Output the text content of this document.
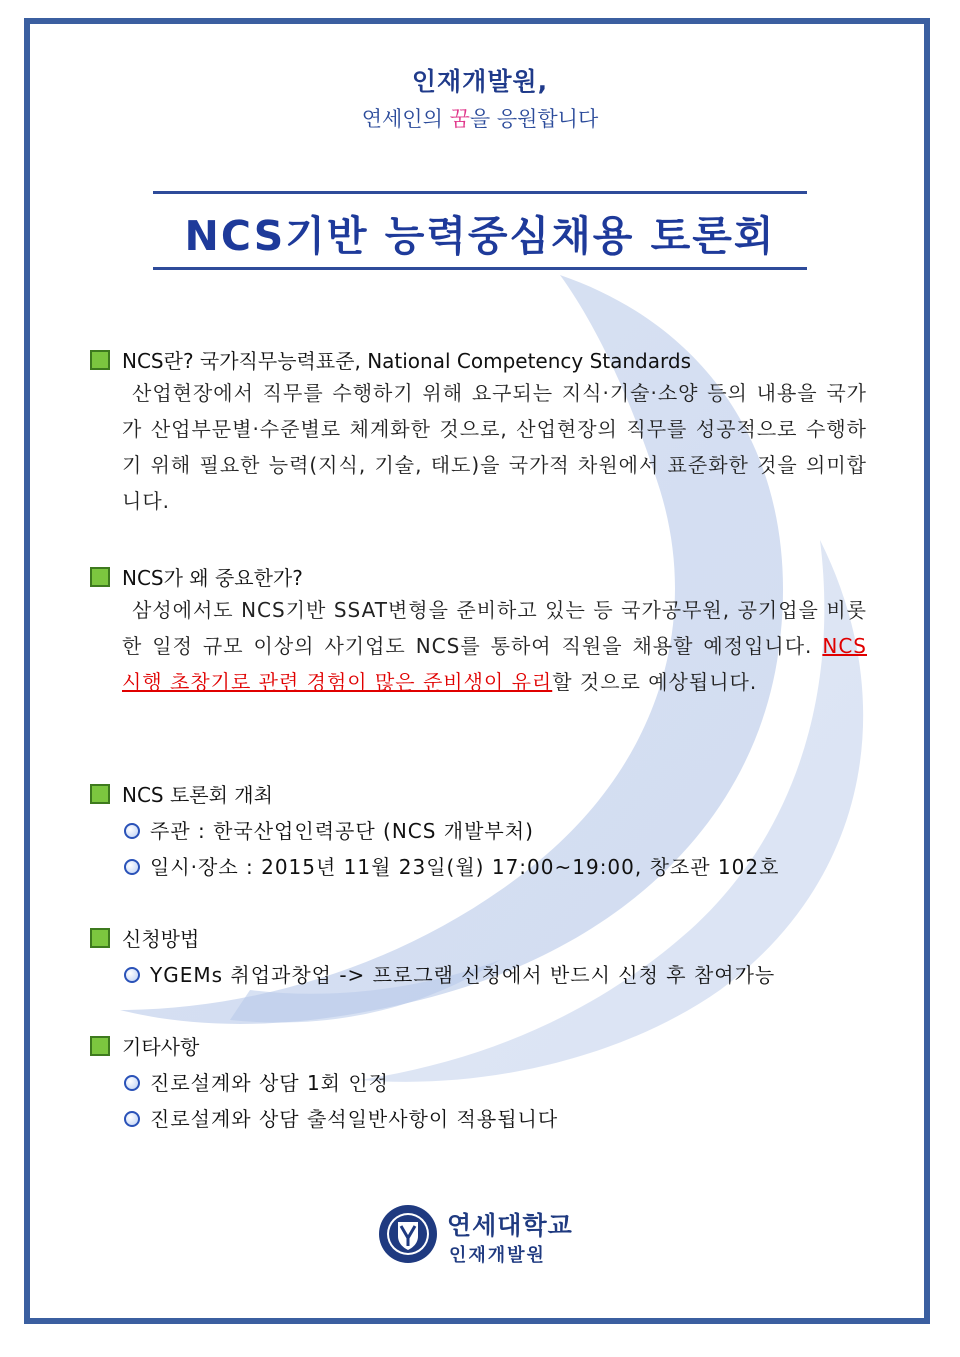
인재개발원,
연세인의 꿈을 응원합니다
NCS기반 능력중심채용 토론회
NCS란? 국가직무능력표준, National Competency Standards
산업현장에서 직무를 수행하기 위해 요구되는 지식·기술·소양 등의 내용을 국가가 산업부문별·수준별로 체계화한 것으로, 산업현장의 직무를 성공적으로 수행하기 위해 필요한 능력(지식, 기술, 태도)을 국가적 차원에서 표준화한 것을 의미합니다.
NCS가 왜 중요한가?
삼성에서도 NCS기반 SSAT변형을 준비하고 있는 등 국가공무원, 공기업을 비롯한 일정 규모 이상의 사기업도 NCS를 통하여 직원을 채용할 예정입니다. NCS 시행 초창기로 관련 경험이 많은 준비생이 유리할 것으로 예상됩니다.
NCS 토론회 개최
주관 : 한국산업인력공단 (NCS 개발부처)
일시·장소 : 2015년 11월 23일(월) 17:00~19:00, 창조관 102호
신청방법
YGEMs 취업과창업 -> 프로그램 신청에서 반드시 신청 후 참여가능
기타사항
진로설계와 상담 1회 인정
진로설계와 상담 출석일반사항이 적용됩니다
연세대학교
인재개발원
